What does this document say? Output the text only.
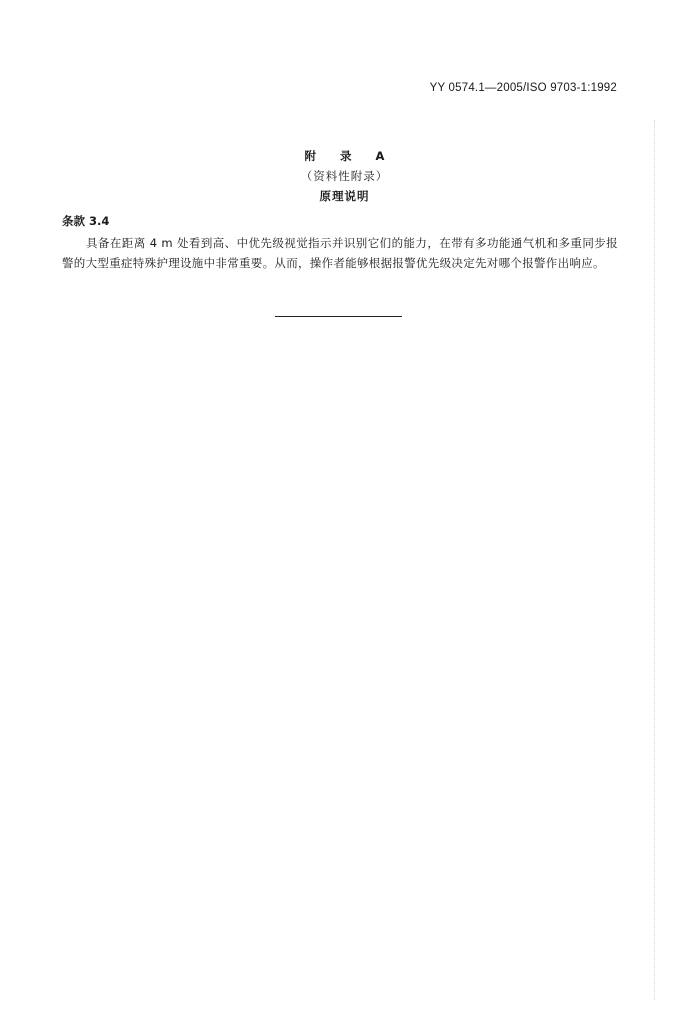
YY 0574.1—2005/ISO 9703-1:1992
附 录 A
（资料性附录）
原理说明
条款 3.4
具备在距离 4 m 处看到高、中优先级视觉指示并识别它们的能力，在带有多功能通气机和多重同步报警的大型重症特殊护理设施中非常重要。从而，操作者能够根据报警优先级决定先对哪个报警作出响应。
